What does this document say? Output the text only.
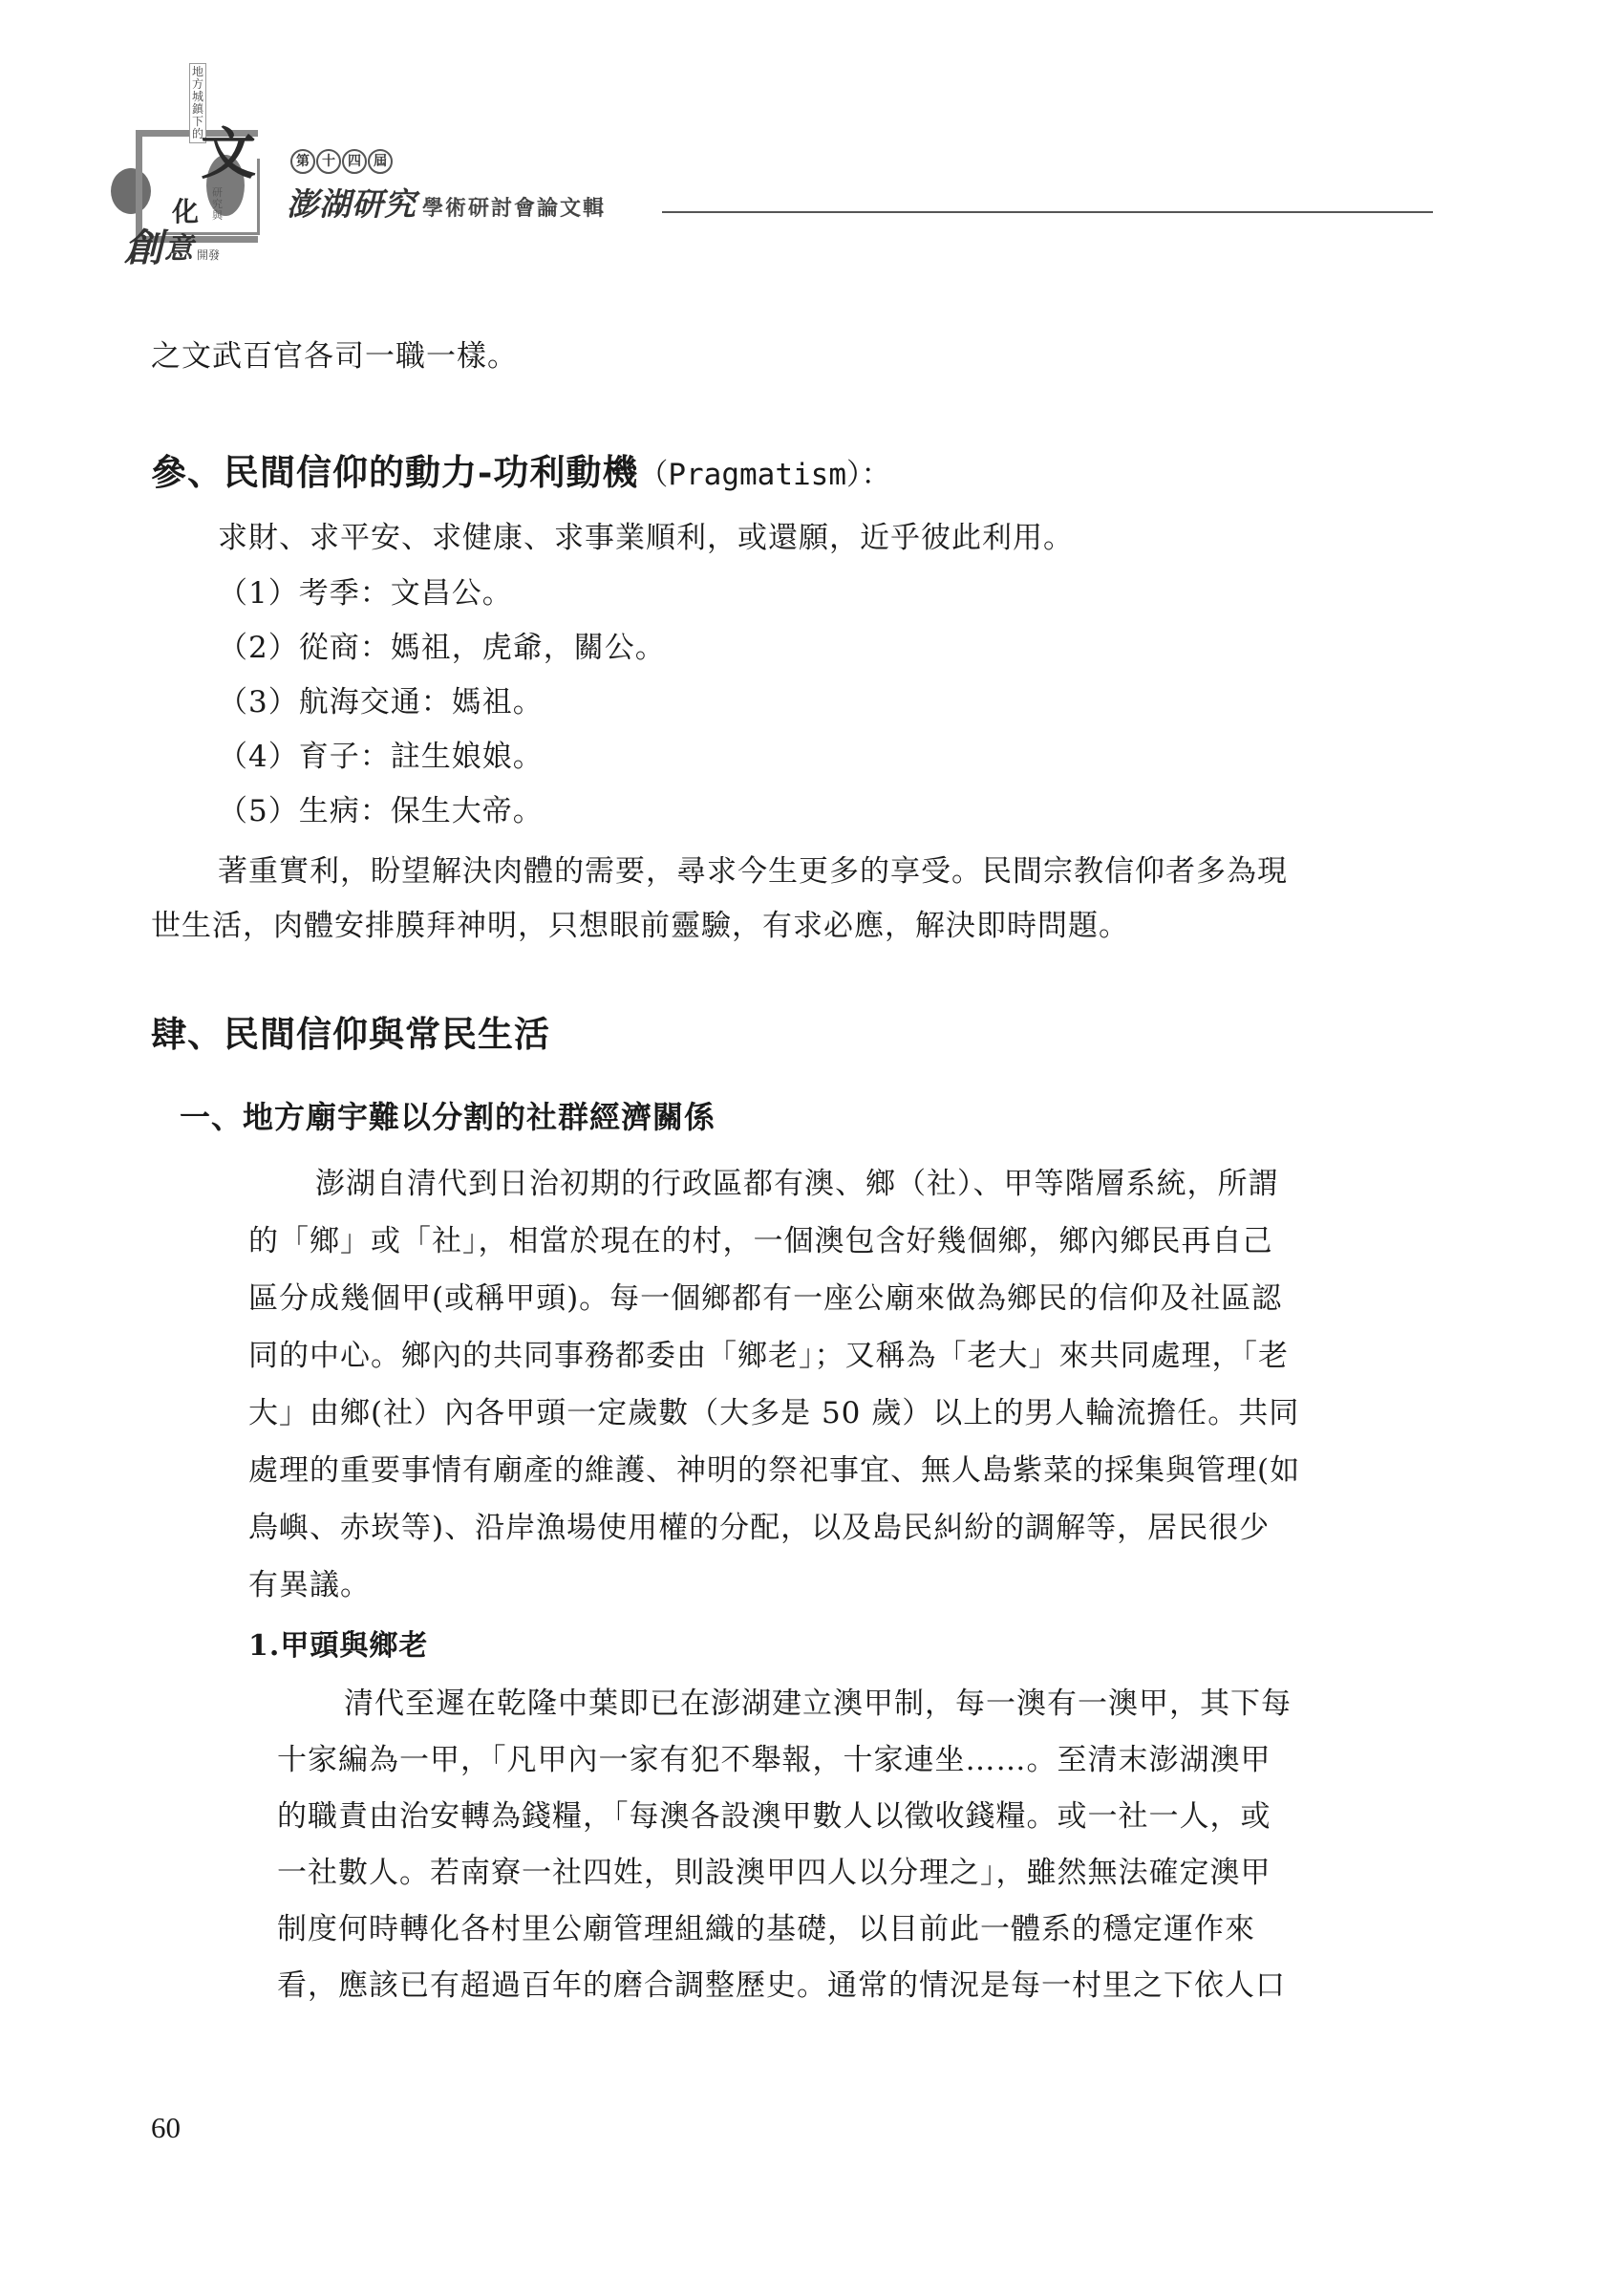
地方城鎮下的
文
化
研究與
創 意 開發
第 十 四 屆
澎湖研究 學術研討會論文輯
之文武百官各司一職一樣。
參、民間信仰的動力-功利動機（Pragmatism）：
求財、求平安、求健康、求事業順利，或還願，近乎彼此利用。
（1）考季：文昌公。
（2）從商：媽祖，虎爺，關公。
（3）航海交通：媽祖。
（4）育子：註生娘娘。
（5）生病：保生大帝。
著重實利，盼望解決肉體的需要，尋求今生更多的享受。民間宗教信仰者多為現
世生活，肉體安排膜拜神明，只想眼前靈驗，有求必應，解決即時問題。
肆、民間信仰與常民生活
一、地方廟宇難以分割的社群經濟關係
澎湖自清代到日治初期的行政區都有澳、鄉（社）、甲等階層系統，所謂
的「鄉」或「社」，相當於現在的村，一個澳包含好幾個鄉，鄉內鄉民再自己
區分成幾個甲(或稱甲頭)。每一個鄉都有一座公廟來做為鄉民的信仰及社區認
同的中心。鄉內的共同事務都委由「鄉老」；又稱為「老大」來共同處理，「老
大」由鄉(社）內各甲頭一定歲數（大多是 50 歲）以上的男人輪流擔任。共同
處理的重要事情有廟產的維護、神明的祭祀事宜、無人島紫菜的採集與管理(如
鳥嶼、赤崁等)、沿岸漁場使用權的分配，以及島民糾紛的調解等，居民很少
有異議。
1.甲頭與鄉老
清代至遲在乾隆中葉即已在澎湖建立澳甲制，每一澳有一澳甲，其下每
十家編為一甲，「凡甲內一家有犯不舉報，十家連坐……。至清末澎湖澳甲
的職責由治安轉為錢糧，「每澳各設澳甲數人以徵收錢糧。或一社一人，或
一社數人。若南寮一社四姓，則設澳甲四人以分理之」，雖然無法確定澳甲
制度何時轉化各村里公廟管理組織的基礎，以目前此一體系的穩定運作來
看，應該已有超過百年的磨合調整歷史。通常的情況是每一村里之下依人口
60
